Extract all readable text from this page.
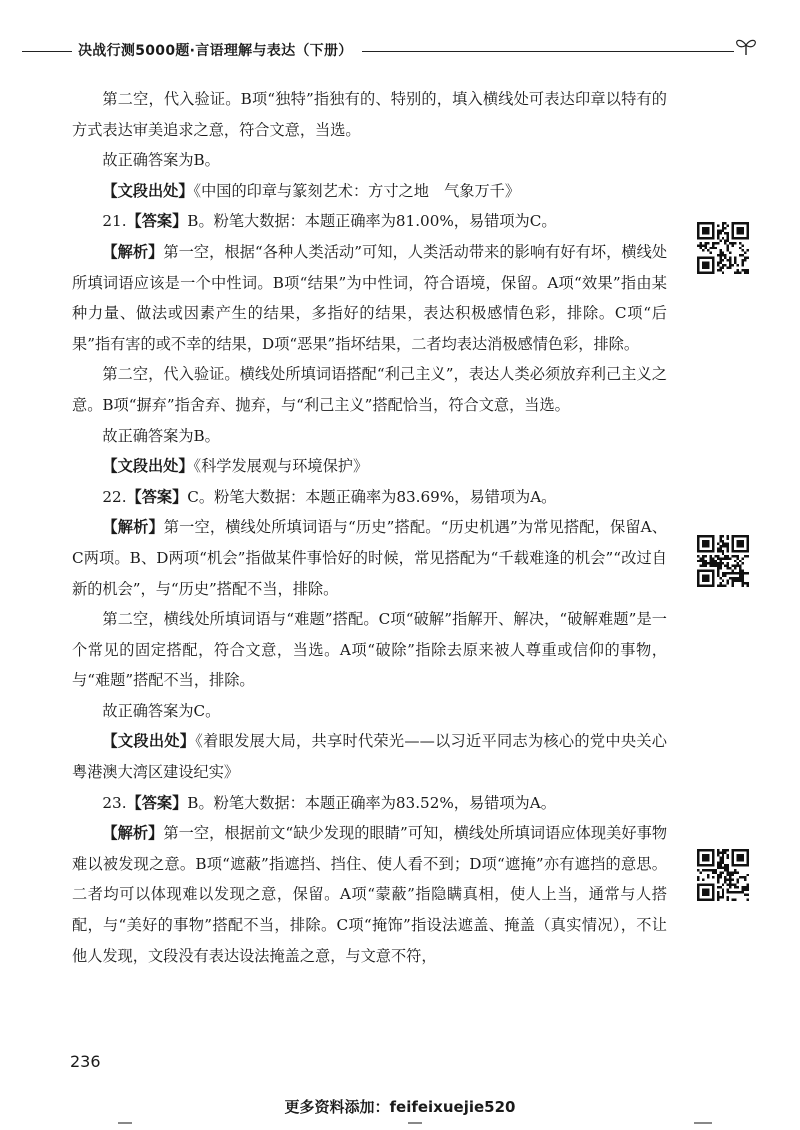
决战行测5000题·言语理解与表达（下册）

第二空，代入验证。B项“独特”指独有的、特别的，填入横线处可表达印章以特有的方式表达审美追求之意，符合文意，当选。

故正确答案为B。

【文段出处】《中国的印章与篆刻艺术：方寸之地　气象万千》

21.【答案】B。粉笔大数据：本题正确率为81.00%，易错项为C。

【解析】第一空，根据“各种人类活动”可知，人类活动带来的影响有好有坏，横线处所填词语应该是一个中性词。B项“结果”为中性词，符合语境，保留。A项“效果”指由某种力量、做法或因素产生的结果，多指好的结果，表达积极感情色彩，排除。C项“后果”指有害的或不幸的结果，D项“恶果”指坏结果，二者均表达消极感情色彩，排除。

第二空，代入验证。横线处所填词语搭配“利己主义”，表达人类必须放弃利己主义之意。B项“摒弃”指舍弃、抛弃，与“利己主义”搭配恰当，符合文意，当选。

故正确答案为B。

【文段出处】《科学发展观与环境保护》

22.【答案】C。粉笔大数据：本题正确率为83.69%，易错项为A。

【解析】第一空，横线处所填词语与“历史”搭配。“历史机遇”为常见搭配，保留A、C两项。B、D两项“机会”指做某件事恰好的时候，常见搭配为“千载难逢的机会”“改过自新的机会”，与“历史”搭配不当，排除。

第二空，横线处所填词语与“难题”搭配。C项“破解”指解开、解决，“破解难题”是一个常见的固定搭配，符合文意，当选。A项“破除”指除去原来被人尊重或信仰的事物，与“难题”搭配不当，排除。

故正确答案为C。

【文段出处】《着眼发展大局，共享时代荣光——以习近平同志为核心的党中央关心粤港澳大湾区建设纪实》

23.【答案】B。粉笔大数据：本题正确率为83.52%，易错项为A。

【解析】第一空，根据前文“缺少发现的眼睛”可知，横线处所填词语应体现美好事物难以被发现之意。B项“遮蔽”指遮挡、挡住、使人看不到；D项“遮掩”亦有遮挡的意思。二者均可以体现难以发现之意，保留。A项“蒙蔽”指隐瞒真相，使人上当，通常与人搭配，与“美好的事物”搭配不当，排除。C项“掩饰”指设法遮盖、掩盖（真实情况），不让他人发现，文段没有表达设法掩盖之意，与文意不符，

236
更多资料添加：feifeixuejie520
